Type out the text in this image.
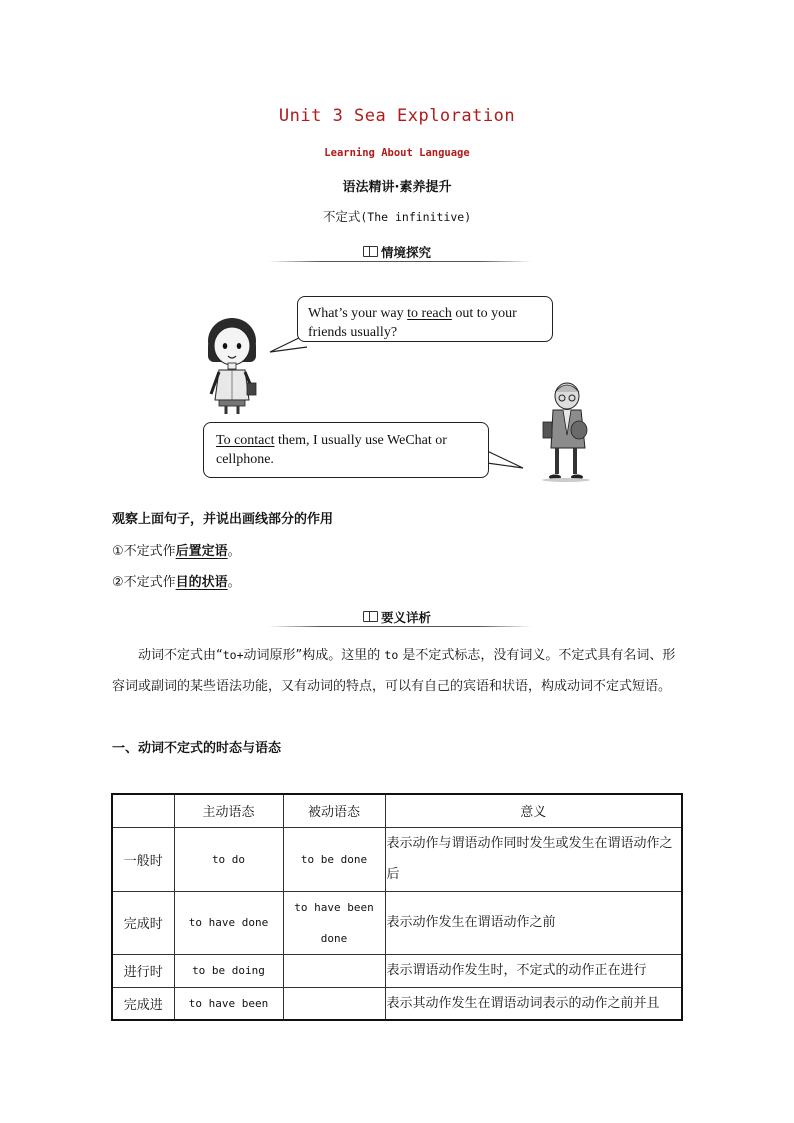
Unit 3 Sea Exploration
Learning About Language
语法精讲·素养提升
不定式(The infinitive)
情境探究
What’s your way to reach out to your friends usually?
To contact them, I usually use WeChat or cellphone.
观察上面句子，并说出画线部分的作用
①不定式作后置定语。
②不定式作目的状语。
要义详析
动词不定式由“to+动词原形”构成。这里的 to 是不定式标志，没有词义。不定式具有名词、形容词或副词的某些语法功能，又有动词的特点，可以有自己的宾语和状语，构成动词不定式短语。
一、动词不定式的时态与语态
	主动语态	被动语态	意义
一般时	to do	to be done	表示动作与谓语动作同时发生或发生在谓语动作之后
完成时	to have done	to have been done	表示动作发生在谓语动作之前
进行时	to be doing		表示谓语动作发生时，不定式的动作正在进行
完成进	to have been		表示其动作发生在谓语动词表示的动作之前并且
